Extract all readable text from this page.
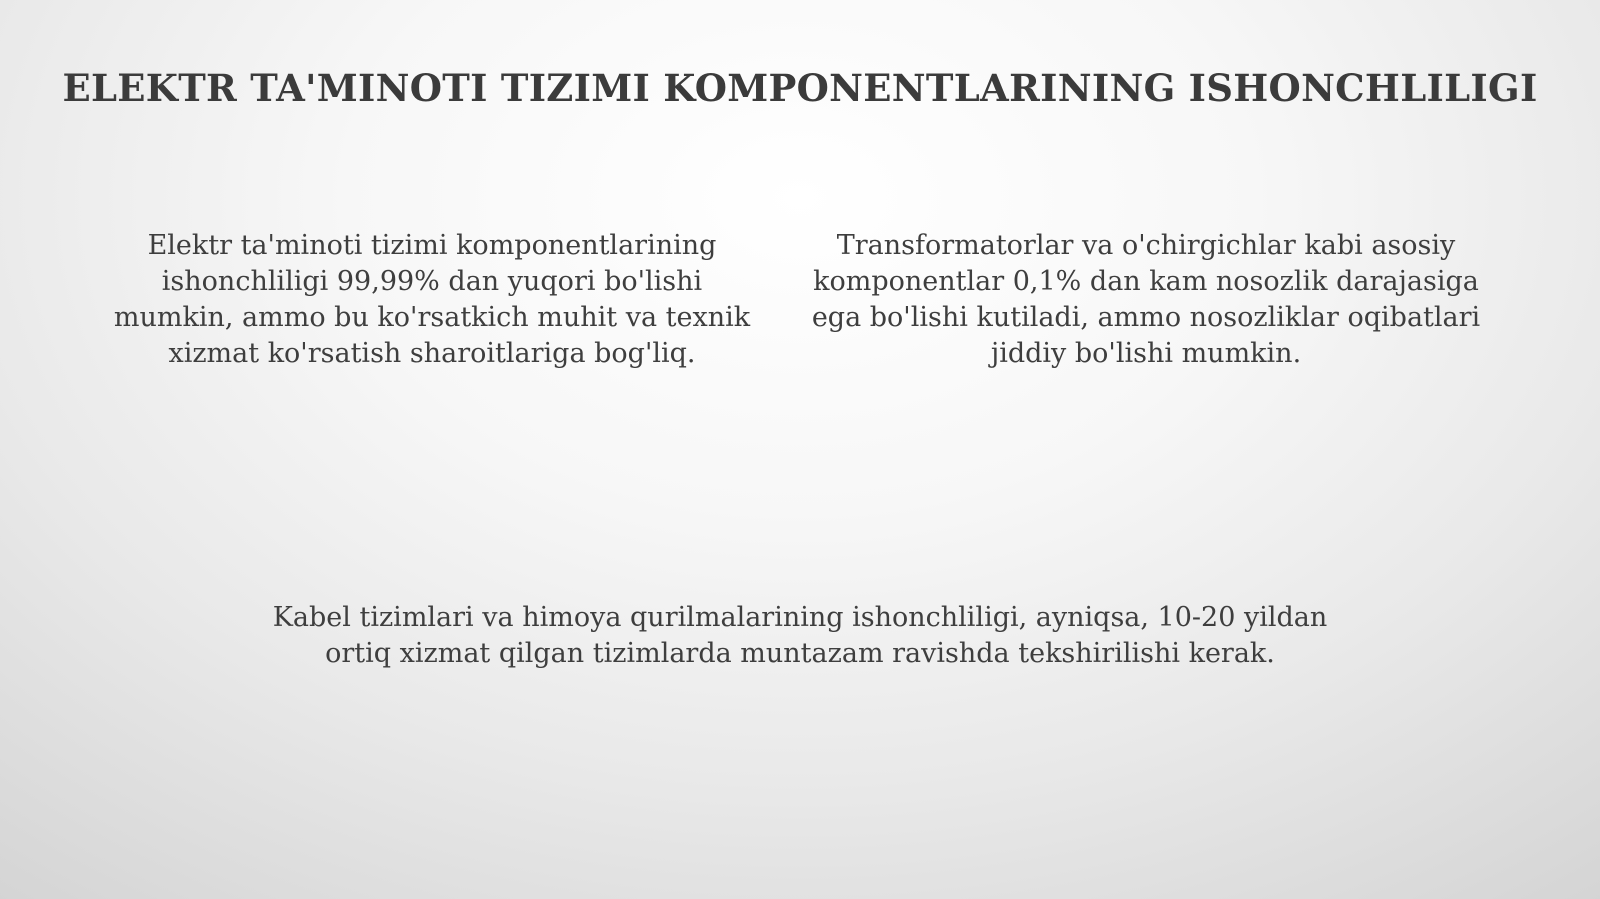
ELEKTR TA'MINOTI TIZIMI KOMPONENTLARINING ISHONCHLILIGI

Elektr ta'minoti tizimi komponentlarining ishonchliligi 99,99% dan yuqori bo'lishi mumkin, ammo bu ko'rsatkich muhit va texnik xizmat ko'rsatish sharoitlariga bog'liq.

Transformatorlar va o'chirgichlar kabi asosiy komponentlar 0,1% dan kam nosozlik darajasiga ega bo'lishi kutiladi, ammo nosozliklar oqibatlari jiddiy bo'lishi mumkin.

Kabel tizimlari va himoya qurilmalarining ishonchliligi, ayniqsa, 10-20 yildan ortiq xizmat qilgan tizimlarda muntazam ravishda tekshirilishi kerak.
